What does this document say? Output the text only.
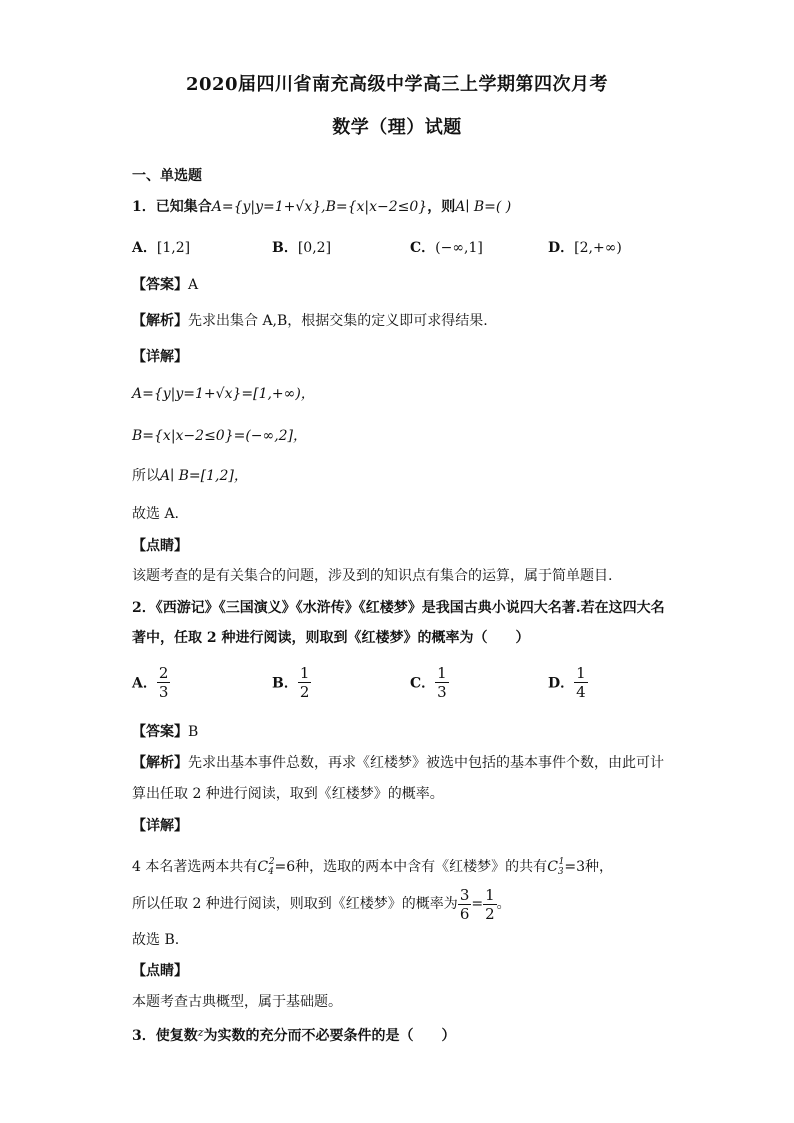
2020届四川省南充高级中学高三上学期第四次月考
数学（理）试题
一、单选题
1．已知集合A={y|y=1+√x},B={x|x−2≤0}，则A∣ B=( )
A．[1,2]	B．[0,2]	C．(−∞,1]	D．[2,+∞)
【答案】A
【解析】先求出集合 A,B，根据交集的定义即可求得结果.
【详解】
A={y|y=1+√x}=[1,+∞)，
B={x|x−2≤0}=(−∞,2]，
所以A∣ B=[1,2]，
故选 A.
【点睛】
该题考查的是有关集合的问题，涉及到的知识点有集合的运算，属于简单题目.
2．《西游记》《三国演义》《水浒传》《红楼梦》是我国古典小说四大名著.若在这四大名
著中，任取 2 种进行阅读，则取到《红楼梦》的概率为（　　）
A． $\frac{2}{3}$	B． $\frac{1}{2}$	C． $\frac{1}{3}$	D． $\frac{1}{4}$
【答案】B
【解析】先求出基本事件总数，再求《红楼梦》被选中包括的基本事件个数，由此可计
算出任取 2 种进行阅读，取到《红楼梦》的概率。
【详解】
4 本名著选两本共有$C_4^2=6$种，选取的两本中含有《红楼梦》的共有$C_3^1=3$种，
所以任取 2 种进行阅读，则取到《红楼梦》的概率为 $\frac{3}{6} = \frac{1}{2}$ 。
故选 B.
【点睛】
本题考查古典概型，属于基础题。
3．使复数$^z$为实数的充分而不必要条件的是（　　）
